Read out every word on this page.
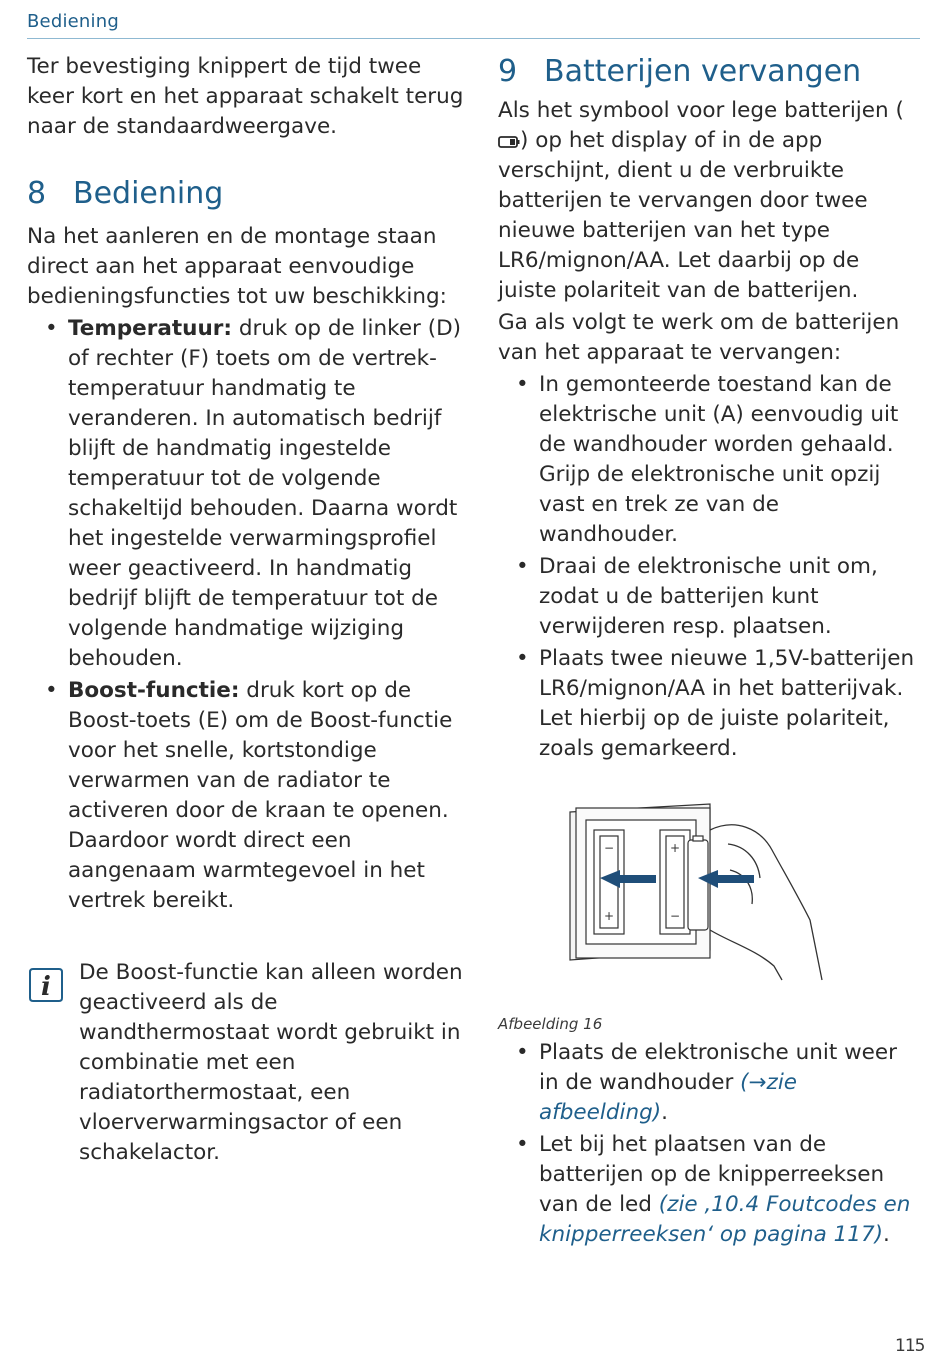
Bediening

Ter bevestiging knippert de tijd twee keer kort en het apparaat schakelt terug naar de standaardweergave.

8 Bediening

Na het aanleren en de montage staan direct aan het apparaat eenvoudige bedieningsfuncties tot uw beschikking:

• Temperatuur: druk op de linker (D) of rechter (F) toets om de vertrektemperatuur handmatig te veranderen. In automatisch bedrijf blijft de handmatig ingestelde temperatuur tot de volgende schakeltijd behouden. Daarna wordt het ingestelde verwarmingsprofiel weer geactiveerd. In handmatig bedrijf blijft de temperatuur tot de volgende handmatige wijziging behouden.
• Boost-functie: druk kort op de Boost-toets (E) om de Boost-functie voor het snelle, kortstondige verwarmen van de radiator te activeren door de kraan te openen. Daardoor wordt direct een aangenaam warmtegevoel in het vertrek bereikt.
i De Boost-functie kan alleen worden geactiveerd als de wandthermostaat wordt gebruikt in combinatie met een radiatorthermostaat, een vloerverwarmingsactor of een schakelactor.

9 Batterijen vervangen

Als het symbool voor lege batterijen () op het display of in de app verschijnt, dient u de verbruikte batterijen te vervangen door twee nieuwe batterijen van het type LR6/mignon/AA. Let daarbij op de juiste polariteit van de batterijen.

Ga als volgt te werk om de batterijen van het apparaat te vervangen:

• In gemonteerde toestand kan de elektrische unit (A) eenvoudig uit de wandhouder worden gehaald. Grijp de elektronische unit opzij vast en trek ze van de wandhouder.
• Draai de elektronische unit om, zodat u de batterijen kunt verwijderen resp. plaatsen.
• Plaats twee nieuwe 1,5V-batterijen LR6/mignon/AA in het batterijvak. Let hierbij op de juiste polariteit, zoals gemarkeerd.
−
+
+
−

Afbeelding 16

• Plaats de elektronische unit weer in de wandhouder (→zie afbeelding).
• Let bij het plaatsen van de batterijen op de knipperreeksen van de led (zie ‚10.4 Foutcodes en knipperreeksen‘ op pagina 117).
115
